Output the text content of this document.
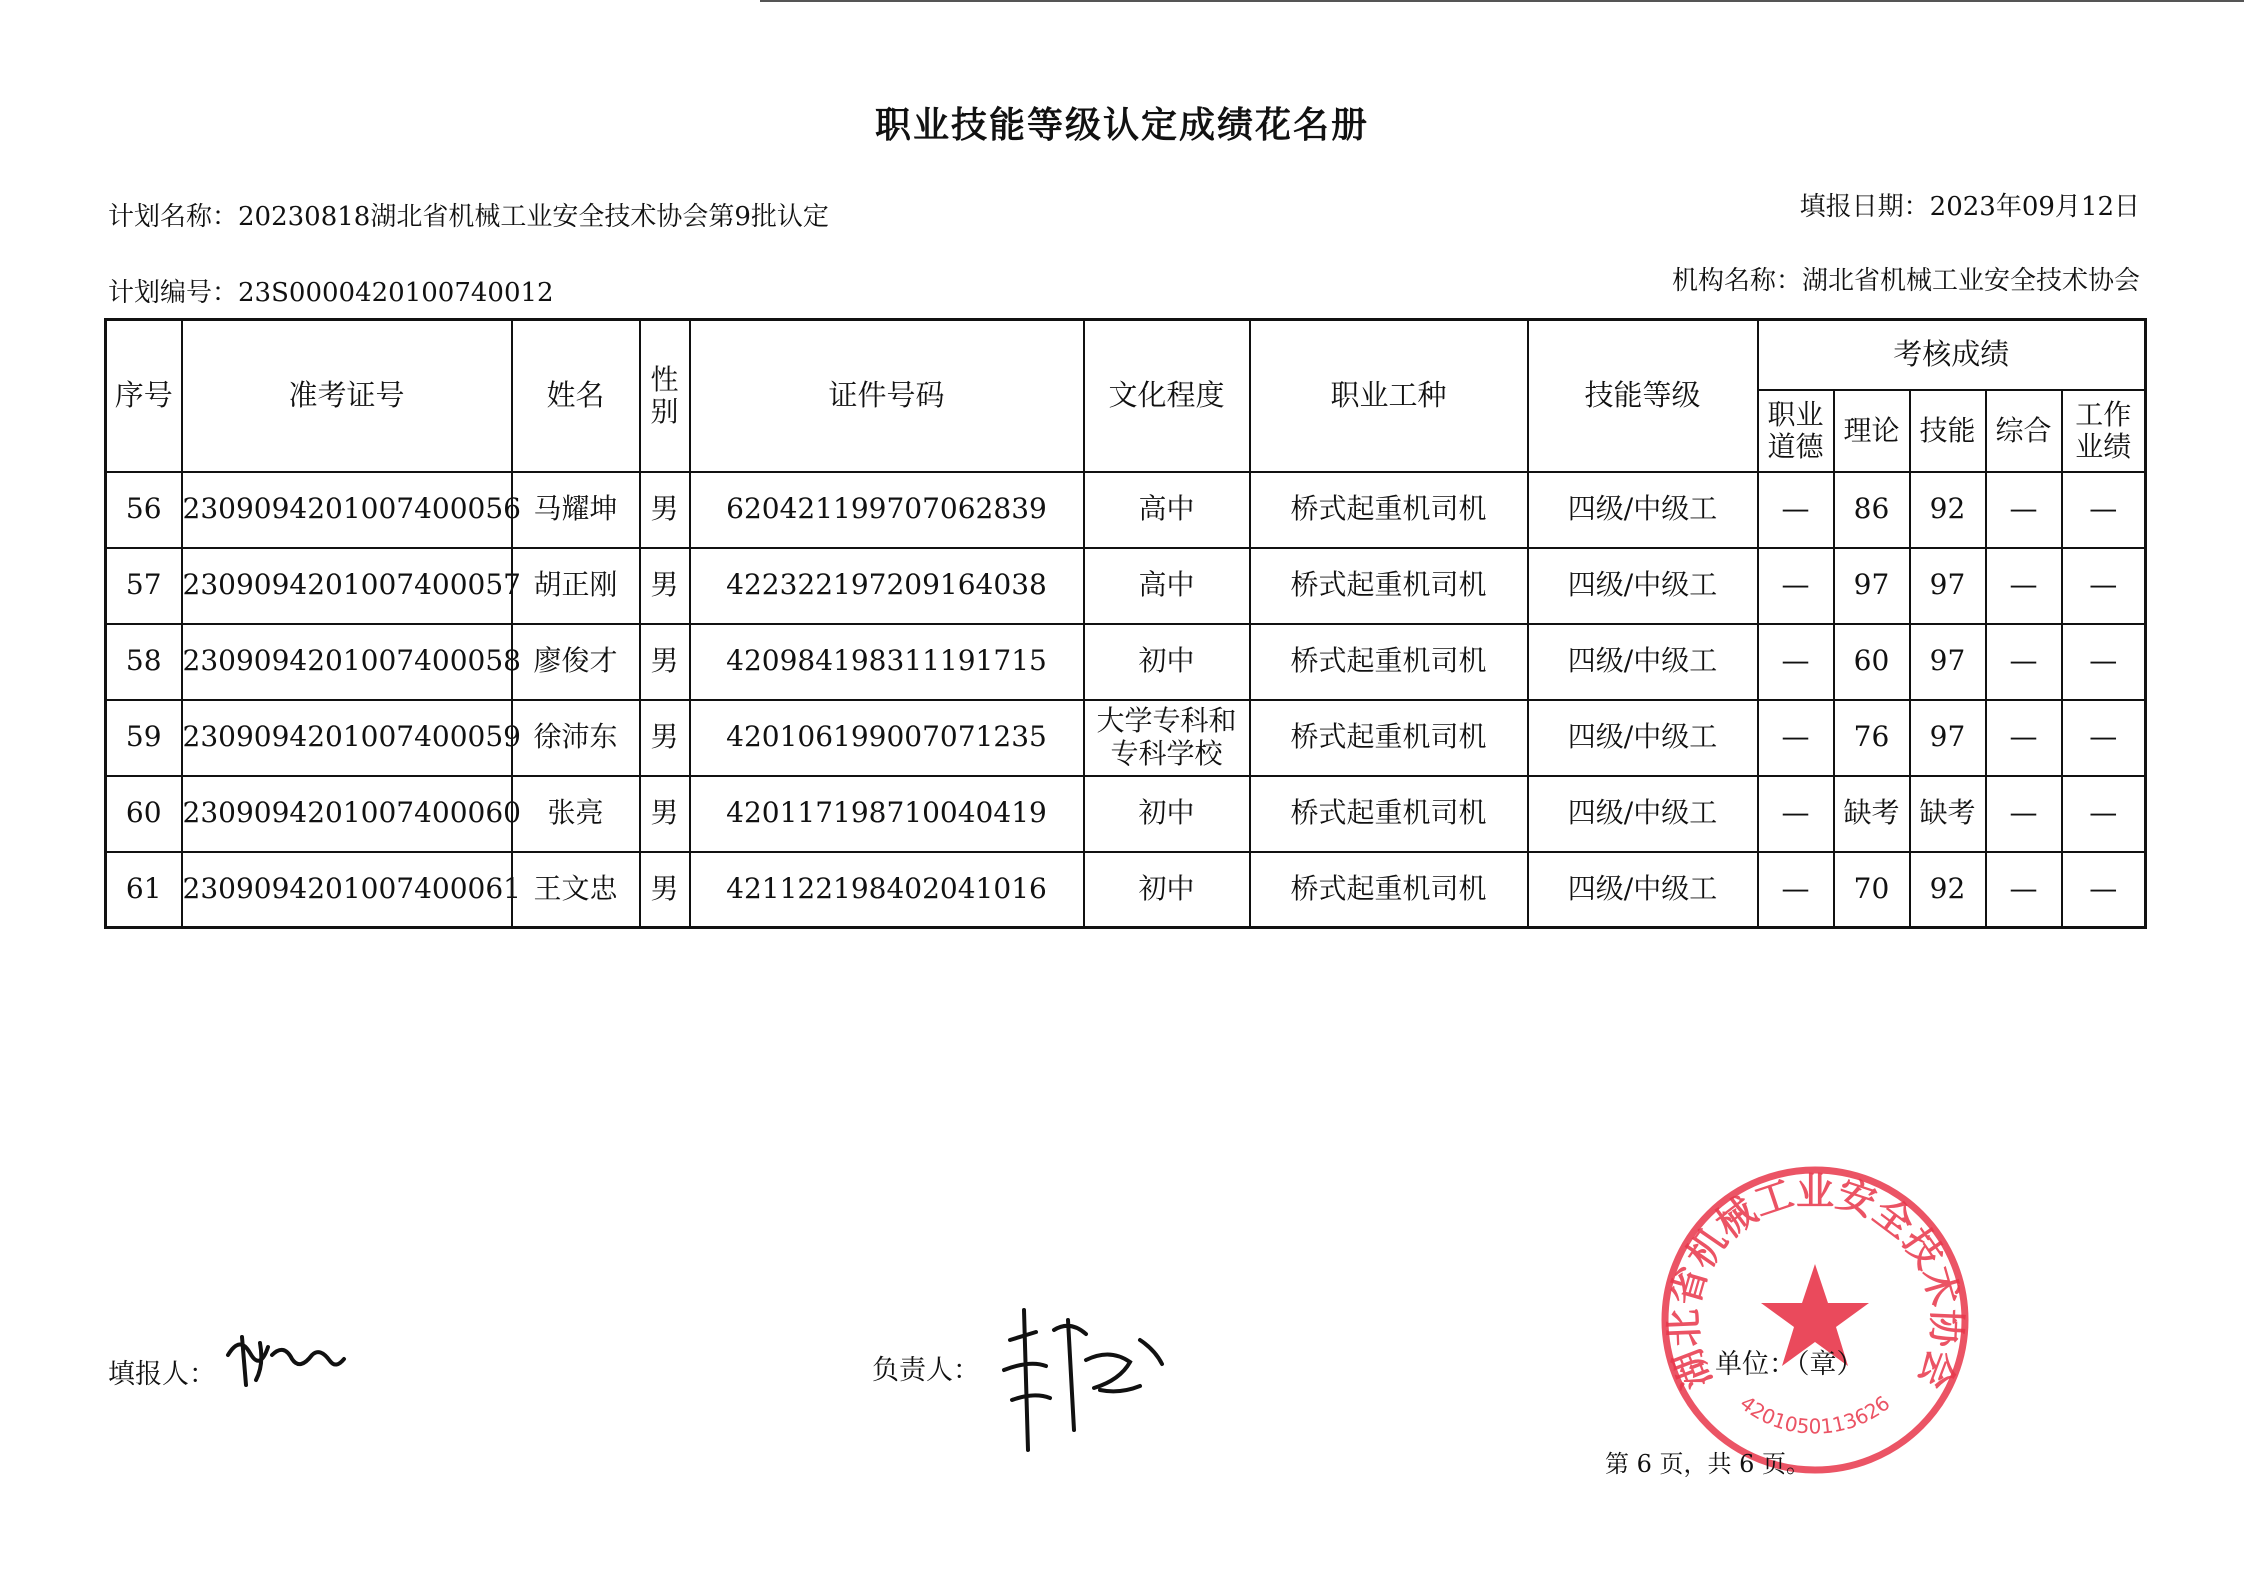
职业技能等级认定成绩花名册
计划名称：20230818湖北省机械工业安全技术协会第9批认定	填报日期：2023年09月12日
计划编号：23S0000420100740012	机构名称：湖北省机械工业安全技术协会
序号	准考证号	姓名	性别	证件号码	文化程度	职业工种	技能等级	考核成绩				
								职业道德	理论	技能	综合	工作业绩
56	2309094201007400056	马耀坤	男	620421199707062839	高中	桥式起重机司机	四级/中级工	—	86	92	—	—
57	2309094201007400057	胡正刚	男	422322197209164038	高中	桥式起重机司机	四级/中级工	—	97	97	—	—
58	2309094201007400058	廖俊才	男	420984198311191715	初中	桥式起重机司机	四级/中级工	—	60	97	—	—
59	2309094201007400059	徐沛东	男	420106199007071235	大学专科和专科学校	桥式起重机司机	四级/中级工	—	76	97	—	—
60	2309094201007400060	张亮	男	420117198710040419	初中	桥式起重机司机	四级/中级工	—	缺考	缺考	—	—
61	2309094201007400061	王文忠	男	421122198402041016	初中	桥式起重机司机	四级/中级工	—	70	92	—	—
填报人：	负责人：	湖北省机械工业安全技术协会
4201050113626
单位：（章）
第 6 页，共 6 页。
